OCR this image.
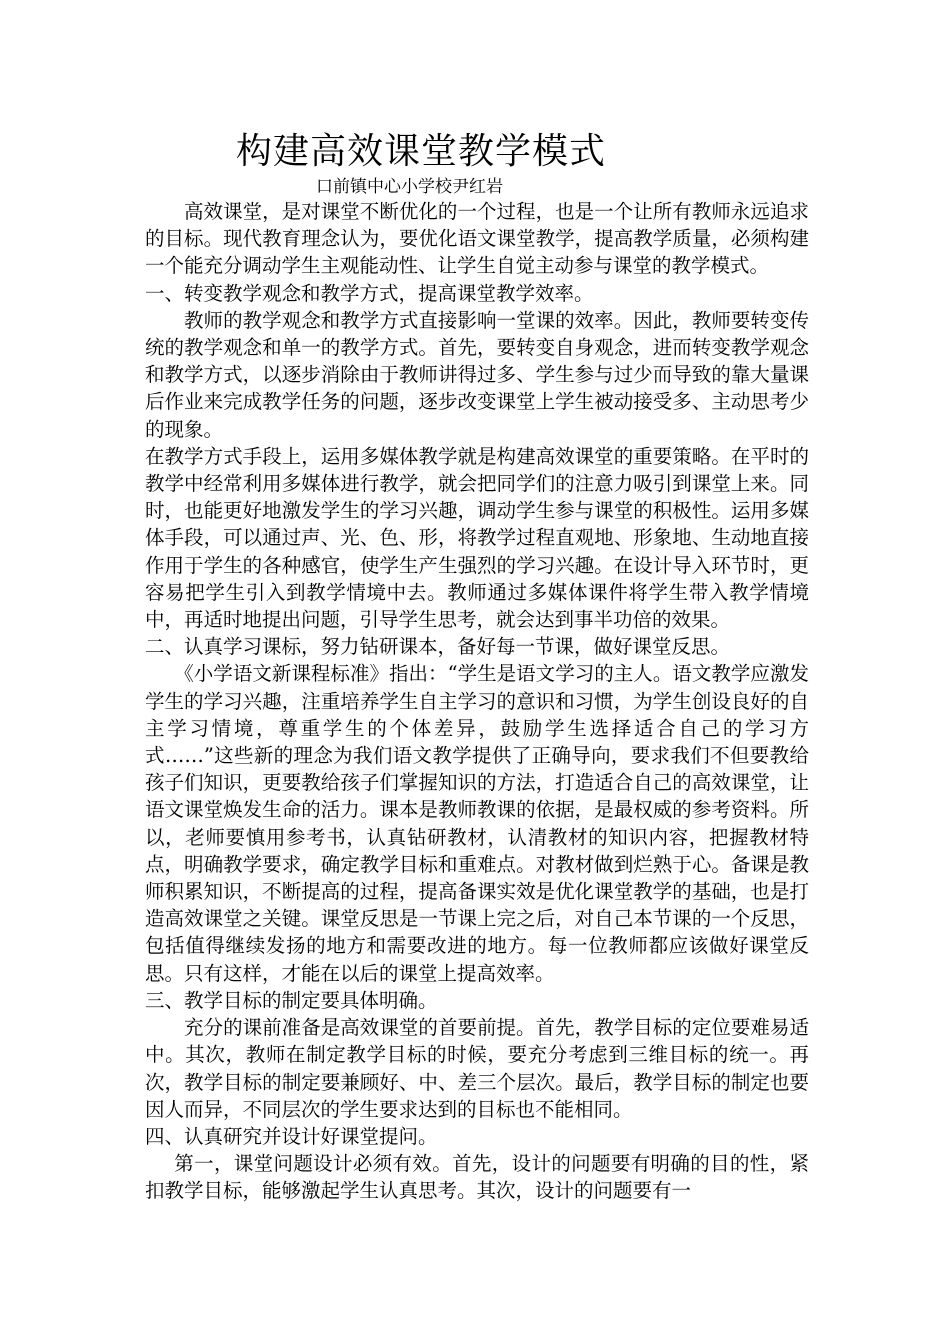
构建高效课堂教学模式
口前镇中心小学校尹红岩

高效课堂，是对课堂不断优化的一个过程，也是一个让所有教师永远追求的目标。现代教育理念认为，要优化语文课堂教学，提高教学质量，必须构建一个能充分调动学生主观能动性、让学生自觉主动参与课堂的教学模式。

一、转变教学观念和教学方式，提高课堂教学效率。

教师的教学观念和教学方式直接影响一堂课的效率。因此，教师要转变传统的教学观念和单一的教学方式。首先，要转变自身观念，进而转变教学观念和教学方式，以逐步消除由于教师讲得过多、学生参与过少而导致的靠大量课后作业来完成教学任务的问题，逐步改变课堂上学生被动接受多、主动思考少的现象。

在教学方式手段上，运用多媒体教学就是构建高效课堂的重要策略。在平时的教学中经常利用多媒体进行教学，就会把同学们的注意力吸引到课堂上来。同时，也能更好地激发学生的学习兴趣，调动学生参与课堂的积极性。运用多媒体手段，可以通过声、光、色、形，将教学过程直观地、形象地、生动地直接作用于学生的各种感官，使学生产生强烈的学习兴趣。在设计导入环节时，更容易把学生引入到教学情境中去。教师通过多媒体课件将学生带入教学情境中，再适时地提出问题，引导学生思考，就会达到事半功倍的效果。

二、认真学习课标，努力钻研课本，备好每一节课，做好课堂反思。

《小学语文新课程标准》指出：“学生是语文学习的主人。语文教学应激发学生的学习兴趣，注重培养学生自主学习的意识和习惯，为学生创设良好的自主学习情境，尊重学生的个体差异，鼓励学生选择适合自己的学习方式……”这些新的理念为我们语文教学提供了正确导向，要求我们不但要教给孩子们知识，更要教给孩子们掌握知识的方法，打造适合自己的高效课堂，让语文课堂焕发生命的活力。课本是教师教课的依据，是最权威的参考资料。所以，老师要慎用参考书，认真钻研教材，认清教材的知识内容，把握教材特点，明确教学要求，确定教学目标和重难点。对教材做到烂熟于心。备课是教师积累知识，不断提高的过程，提高备课实效是优化课堂教学的基础，也是打造高效课堂之关键。课堂反思是一节课上完之后，对自己本节课的一个反思，包括值得继续发扬的地方和需要改进的地方。每一位教师都应该做好课堂反思。只有这样，才能在以后的课堂上提高效率。

三、教学目标的制定要具体明确。

充分的课前准备是高效课堂的首要前提。首先，教学目标的定位要难易适中。其次，教师在制定教学目标的时候，要充分考虑到三维目标的统一。再次，教学目标的制定要兼顾好、中、差三个层次。最后，教学目标的制定也要因人而异，不同层次的学生要求达到的目标也不能相同。

四、认真研究并设计好课堂提问。

第一，课堂问题设计必须有效。首先，设计的问题要有明确的目的性，紧扣教学目标，能够激起学生认真思考。其次，设计的问题要有一
